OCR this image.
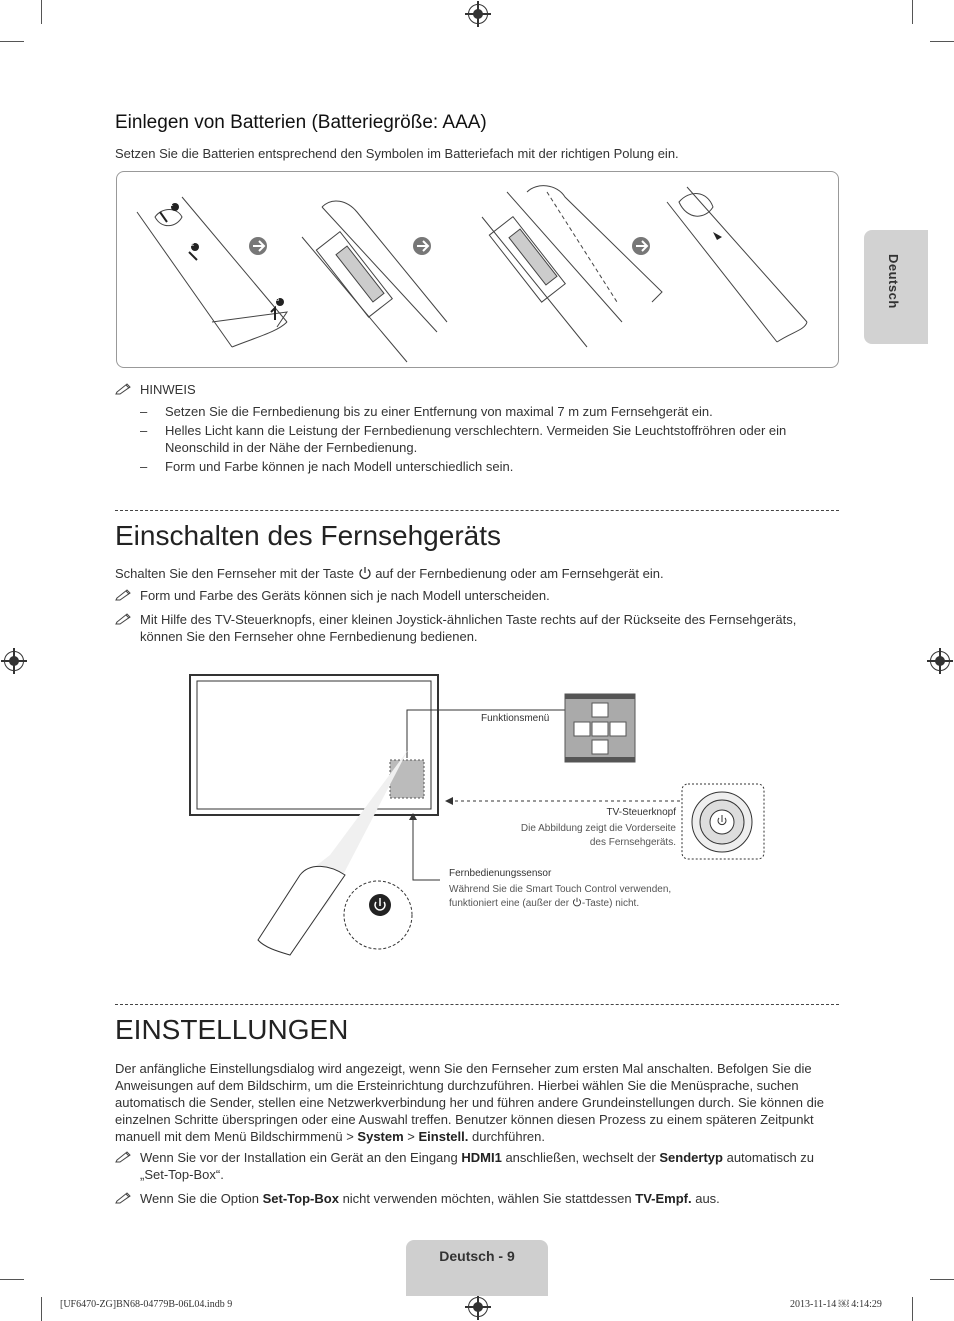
Deutsch
Einlegen von Batterien (Batteriegröße: AAA)
Setzen Sie die Batterien entsprechend den Symbolen im Batteriefach mit der richtigen Polung ein.
1
2
3
HINWEIS
– Setzen Sie die Fernbedienung bis zu einer Entfernung von maximal 7 m zum Fernsehgerät ein.
– Helles Licht kann die Leistung der Fernbedienung verschlechtern. Vermeiden Sie Leuchtstoffröhren oder ein Neonschild in der Nähe der Fernbedienung.
– Form und Farbe können je nach Modell unterschiedlich sein.
Einschalten des Fernsehgeräts
Schalten Sie den Fernseher mit der Taste auf der Fernbedienung oder am Fernsehgerät ein.
Form und Farbe des Geräts können sich je nach Modell unterscheiden.
Mit Hilfe des TV-Steuerknopfs, einer kleinen Joystick-ähnlichen Taste rechts auf der Rückseite des Fernsehgeräts, können Sie den Fernseher ohne Fernbedienung bedienen.
Funktionsmenü
TV-Steuerknopf
Die Abbildung zeigt die Vorderseite
des Fernsehgeräts.
Fernbedienungssensor
Während Sie die Smart Touch Control verwenden,
funktioniert eine (außer der -Taste) nicht.
EINSTELLUNGEN
Der anfängliche Einstellungsdialog wird angezeigt, wenn Sie den Fernseher zum ersten Mal anschalten. Befolgen Sie die Anweisungen auf dem Bildschirm, um die Ersteinrichtung durchzuführen. Hierbei wählen Sie die Menüsprache, suchen automatisch die Sender, stellen eine Netzwerkverbindung her und führen andere Grundeinstellungen durch. Sie können die einzelnen Schritte überspringen oder eine Auswahl treffen. Benutzer können diesen Prozess zu einem späteren Zeitpunkt manuell mit dem Menü Bildschirmmenü > System > Einstell. durchführen.
Wenn Sie vor der Installation ein Gerät an den Eingang HDMI1 anschließen, wechselt der Sendertyp automatisch zu „Set-Top-Box“.
Wenn Sie die Option Set-Top-Box nicht verwenden möchten, wählen Sie stattdessen TV-Empf. aus.
Deutsch - 9
[UF6470-ZG]BN68-04779B-06L04.indb 9	2013-11-14 ￼ 4:14:29
